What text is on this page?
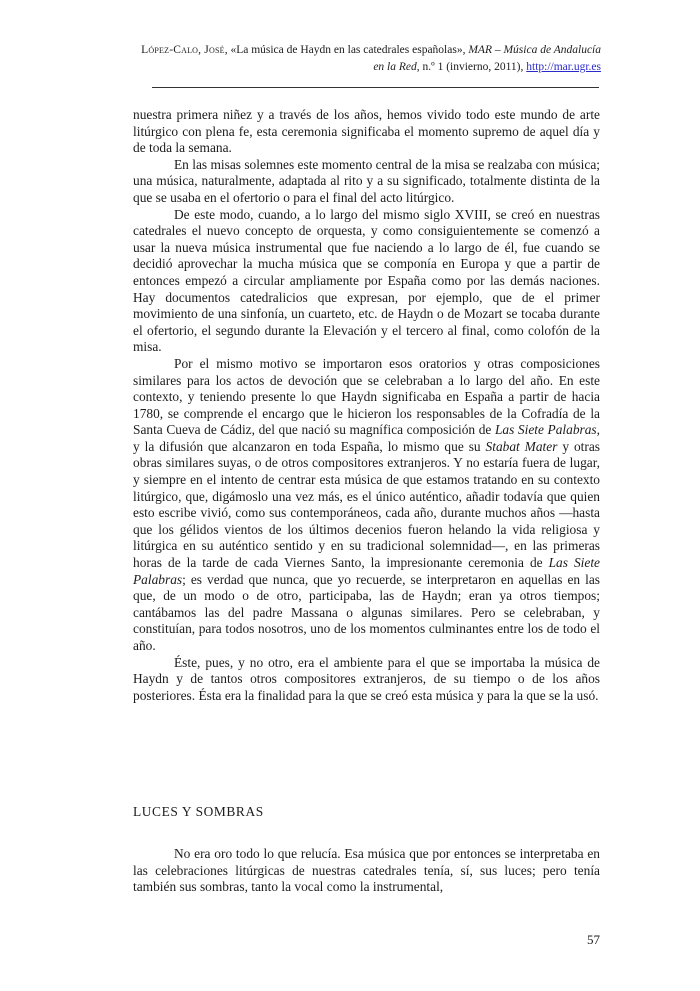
López-Calo, José, «La música de Haydn en las catedrales españolas», MAR – Música de Andalucía en la Red, n.º 1 (invierno, 2011), http://mar.ugr.es

nuestra primera niñez y a través de los años, hemos vivido todo este mundo de arte litúrgico con plena fe, esta ceremonia significaba el momento supremo de aquel día y de toda la semana.

En las misas solemnes este momento central de la misa se realzaba con música; una música, naturalmente, adaptada al rito y a su significado, totalmente distinta de la que se usaba en el ofertorio o para el final del acto litúrgico.

De este modo, cuando, a lo largo del mismo siglo XVIII, se creó en nuestras catedrales el nuevo concepto de orquesta, y como consiguientemente se comenzó a usar la nueva música instrumental que fue naciendo a lo largo de él, fue cuando se decidió aprovechar la mucha música que se componía en Europa y que a partir de entonces empezó a circular ampliamente por España como por las demás naciones. Hay documentos catedralicios que expresan, por ejemplo, que de el primer movimiento de una sinfonía, un cuarteto, etc. de Haydn o de Mozart se tocaba durante el ofertorio, el segundo durante la Elevación y el tercero al final, como colofón de la misa.

Por el mismo motivo se importaron esos oratorios y otras composiciones similares para los actos de devoción que se celebraban a lo largo del año. En este contexto, y teniendo presente lo que Haydn significaba en España a partir de hacia 1780, se comprende el encargo que le hicieron los responsables de la Cofradía de la Santa Cueva de Cádiz, del que nació su magnífica composición de Las Siete Palabras, y la difusión que alcanzaron en toda España, lo mismo que su Stabat Mater y otras obras similares suyas, o de otros compositores extranjeros. Y no estaría fuera de lugar, y siempre en el intento de centrar esta música de que estamos tratando en su contexto litúrgico, que, digámoslo una vez más, es el único auténtico, añadir todavía que quien esto escribe vivió, como sus contemporáneos, cada año, durante muchos años —hasta que los gélidos vientos de los últimos decenios fueron helando la vida religiosa y litúrgica en su auténtico sentido y en su tradicional solemnidad—, en las primeras horas de la tarde de cada Viernes Santo, la impresionante ceremonia de Las Siete Palabras; es verdad que nunca, que yo recuerde, se interpretaron en aquellas en las que, de un modo o de otro, participaba, las de Haydn; eran ya otros tiempos; cantábamos las del padre Massana o algunas similares. Pero se celebraban, y constituían, para todos nosotros, uno de los momentos culminantes entre los de todo el año.

Éste, pues, y no otro, era el ambiente para el que se importaba la música de Haydn y de tantos otros compositores extranjeros, de su tiempo o de los años posteriores. Ésta era la finalidad para la que se creó esta música y para la que se la usó.

LUCES Y SOMBRAS

No era oro todo lo que relucía. Esa música que por entonces se interpretaba en las celebraciones litúrgicas de nuestras catedrales tenía, sí, sus luces; pero tenía también sus sombras, tanto la vocal como la instrumental,

57
